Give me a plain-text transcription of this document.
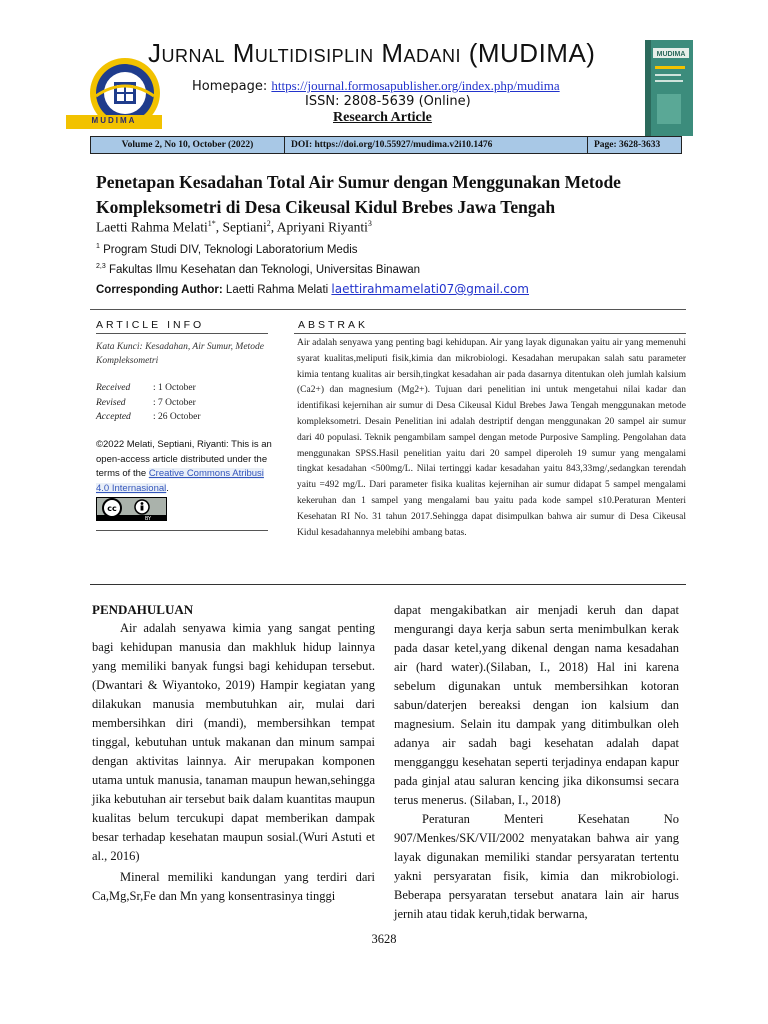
MUDIMA
Jurnal Multidisiplin Madani (MUDIMA)
Homepage: https://journal.formosapublisher.org/index.php/mudima
ISSN: 2808-5639 (Online)
Research Article
MUDIMA
Volume 2, No 10, October (2022)	DOI: https://doi.org/10.55927/mudima.v2i10.1476	Page: 3628-3633
Penetapan Kesadahan Total Air Sumur dengan Menggunakan Metode Kompleksometri di Desa Cikeusal Kidul Brebes Jawa Tengah
Laetti Rahma Melati$^{1*}$, Septiani$^2$, Apriyani Riyanti$^3$
$^1$ Program Studi DIV, Teknologi Laboratorium Medis
$^{2,3}$ Fakultas Ilmu Kesehatan dan Teknologi, Universitas Binawan
Corresponding Author: Laetti Rahma Melati laettirahmamelati07@gmail.com
ARTICLE INFO	ABSTRAK
Kata Kunci: Kesadahan, Air Sumur, Metode Kompleksometri
Received	: 1 October
Revised	: 7 October
Accepted	: 26 October
©2022 Melati, Septiani, Riyanti: This is an open-access article distributed under the terms of the Creative Commons Atribusi 4.0 Internasional.
BY
cc
Air adalah senyawa yang penting bagi kehidupan. Air yang layak digunakan yaitu air yang memenuhi syarat kualitas,meliputi fisik,kimia dan mikrobiologi. Kesadahan merupakan salah satu parameter kimia tentang kualitas air bersih,tingkat kesadahan air pada dasarnya ditentukan oleh jumlah kalsium (Ca2+) dan magnesium (Mg2+). Tujuan dari penelitian ini untuk mengetahui nilai kadar dan identifikasi kejernihan air sumur di Desa Cikeusal Kidul Brebes Jawa Tengah menggunakan metode kompleksometri. Desain Penelitian ini adalah destriptif dengan menggunakan 20 sampel air sumur dari 40 populasi. Teknik pengambilam sampel dengan metode Purposive Sampling. Pengolahan data menggunakan SPSS.Hasil penelitian yaitu dari 20 sampel diperoleh 19 sumur yang mengalami tingkat kesadahan <500mg/L. Nilai tertinggi kadar kesadahan yaitu 843,33mg/,sedangkan terendah yaitu =492 mg/L. Dari parameter fisika kualitas kejernihan air sumur didapat 5 sampel mengalami kekeruhan dan 1 sampel yang mengalami bau yaitu pada kode sampel s10.Peraturan Menteri Kesehatan RI No. 31 tahun 2017.Sehingga dapat disimpulkan bahwa air sumur di Desa Cikeusal Kidul kesadahannya melebihi ambang batas.
PENDAHULUAN

Air adalah senyawa kimia yang sangat penting bagi kehidupan manusia dan makhluk hidup lainnya yang memiliki banyak fungsi bagi kehidupan tersebut.(Dwantari & Wiyantoko, 2019) Hampir kegiatan yang dilakukan manusia membutuhkan air, mulai dari membersihkan diri (mandi), membersihkan tempat tinggal, kebutuhan untuk makanan dan minum sampai dengan aktivitas lainnya. Air merupakan komponen utama untuk manusia, tanaman maupun hewan,sehingga jika kebutuhan air tersebut baik dalam kuantitas maupun kualitas belum tercukupi dapat memberikan dampak besar terhadap kesehatan maupun sosial.(Wuri Astuti et al., 2016)

Mineral memiliki kandungan yang terdiri dari Ca,Mg,Sr,Fe dan Mn yang konsentrasinya tinggi

dapat mengakibatkan air menjadi keruh dan dapat mengurangi daya kerja sabun serta menimbulkan kerak pada dasar ketel,yang dikenal dengan nama kesadahan air (hard water).(Silaban, I., 2018) Hal ini karena sebelum digunakan untuk membersihkan kotoran sabun/daterjen bereaksi dengan ion kalsium dan magnesium. Selain itu dampak yang ditimbulkan oleh adanya air sadah bagi kesehatan adalah dapat mengganggu kesehatan seperti terjadinya endapan kapur pada ginjal atau saluran kencing jika dikonsumsi secara terus menerus. (Silaban, I., 2018)

Peraturan Menteri Kesehatan No 907/Menkes/SK/VII/2002 menyatakan bahwa air yang layak digunakan memiliki standar persyaratan tertentu yakni persyaratan fisik, kimia dan mikrobiologi. Beberapa persyaratan tersebut anatara lain air harus jernih atau tidak keruh,tidak berwarna,

3628
